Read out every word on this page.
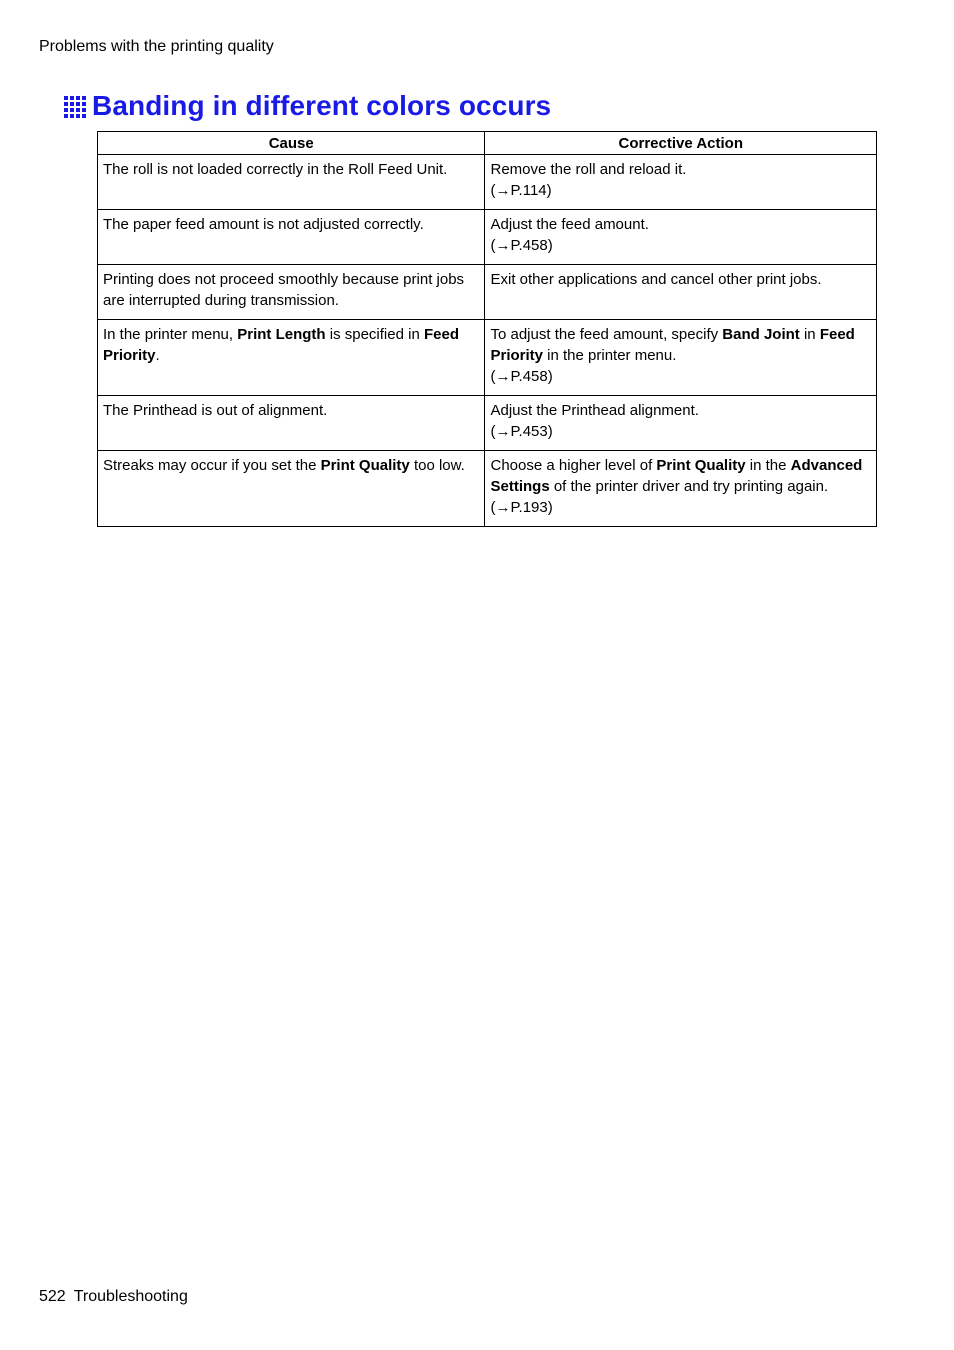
Problems with the printing quality
Banding in different colors occurs
Cause	Corrective Action

The roll is not loaded correctly in the Roll Feed Unit.	Remove the roll and reload it.
(→P.114)

The paper feed amount is not adjusted correctly.	Adjust the feed amount.
(→P.458)

Printing does not proceed smoothly because print jobs are interrupted during transmission.	Exit other applications and cancel other print jobs.
In the printer menu, Print Length is specified in Feed Priority.	To adjust the feed amount, specify Band Joint in Feed Priority in the printer menu.
(→P.458)

The Printhead is out of alignment.	Adjust the Printhead alignment.
(→P.453)

Streaks may occur if you set the Print Quality too low.	Choose a higher level of Print Quality in the Advanced Settings of the printer driver and try printing again.
(→P.193)
522 Troubleshooting
